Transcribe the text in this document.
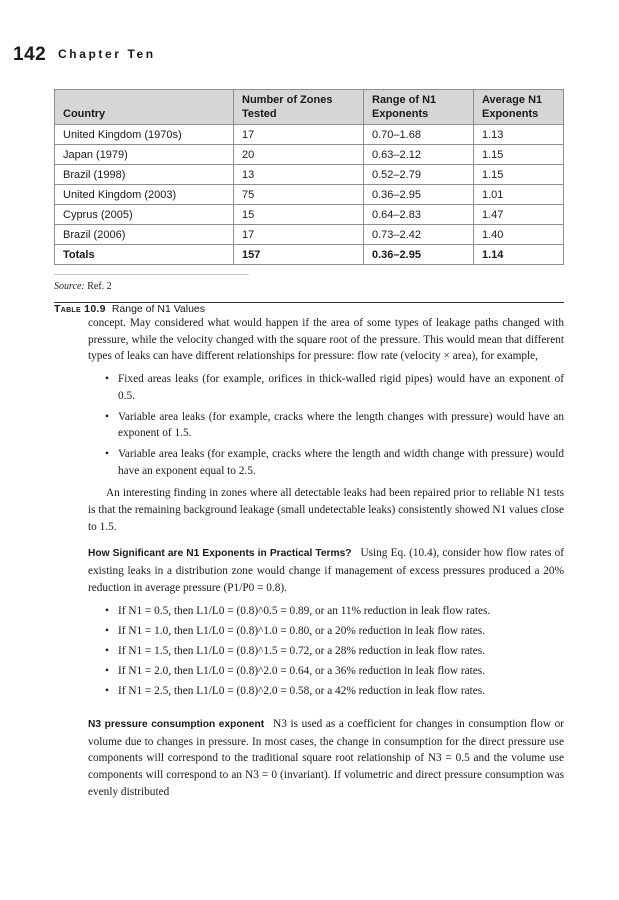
142 Chapter Ten
Country	Number of Zones Tested	Range of N1 Exponents	Average N1 Exponents
United Kingdom (1970s)	17	0.70–1.68	1.13
Japan (1979)	20	0.63–2.12	1.15
Brazil (1998)	13	0.52–2.79	1.15
United Kingdom (2003)	75	0.36–2.95	1.01
Cyprus (2005)	15	0.64–2.83	1.47
Brazil (2006)	17	0.73–2.42	1.40
Totals	157	0.36–2.95	1.14
Source: Ref. 2
Table 10.9 Range of N1 Values

concept. May considered what would happen if the area of some types of leakage paths changed with pressure, while the velocity changed with the square root of the pressure. This would mean that different types of leaks can have different relationships for pressure: flow rate (velocity × area), for example,

• Fixed areas leaks (for example, orifices in thick-walled rigid pipes) would have an exponent of 0.5.
• Variable area leaks (for example, cracks where the length changes with pressure) would have an exponent of 1.5.
• Variable area leaks (for example, cracks where the length and width change with pressure) would have an exponent equal to 2.5.

An interesting finding in zones where all detectable leaks had been repaired prior to reliable N1 tests is that the remaining background leakage (small undetectable leaks) consistently showed N1 values close to 1.5.

How Significant are N1 Exponents in Practical Terms? Using Eq. (10.4), consider how flow rates of existing leaks in a distribution zone would change if management of excess pressures produced a 20% reduction in average pressure (P1/P0 = 0.8).

• If N1 = 0.5, then L1/L0 = (0.8)^0.5 = 0.89, or an 11% reduction in leak flow rates.
• If N1 = 1.0, then L1/L0 = (0.8)^1.0 = 0.80, or a 20% reduction in leak flow rates.
• If N1 = 1.5, then L1/L0 = (0.8)^1.5 = 0.72, or a 28% reduction in leak flow rates.
• If N1 = 2.0, then L1/L0 = (0.8)^2.0 = 0.64, or a 36% reduction in leak flow rates.
• If N1 = 2.5, then L1/L0 = (0.8)^2.0 = 0.58, or a 42% reduction in leak flow rates.

N3 pressure consumption exponent N3 is used as a coefficient for changes in consumption flow or volume due to changes in pressure. In most cases, the change in consumption for the direct pressure use components will correspond to the traditional square root relationship of N3 = 0.5 and the volume use components will correspond to an N3 = 0 (invariant). If volumetric and direct pressure consumption was evenly distributed
